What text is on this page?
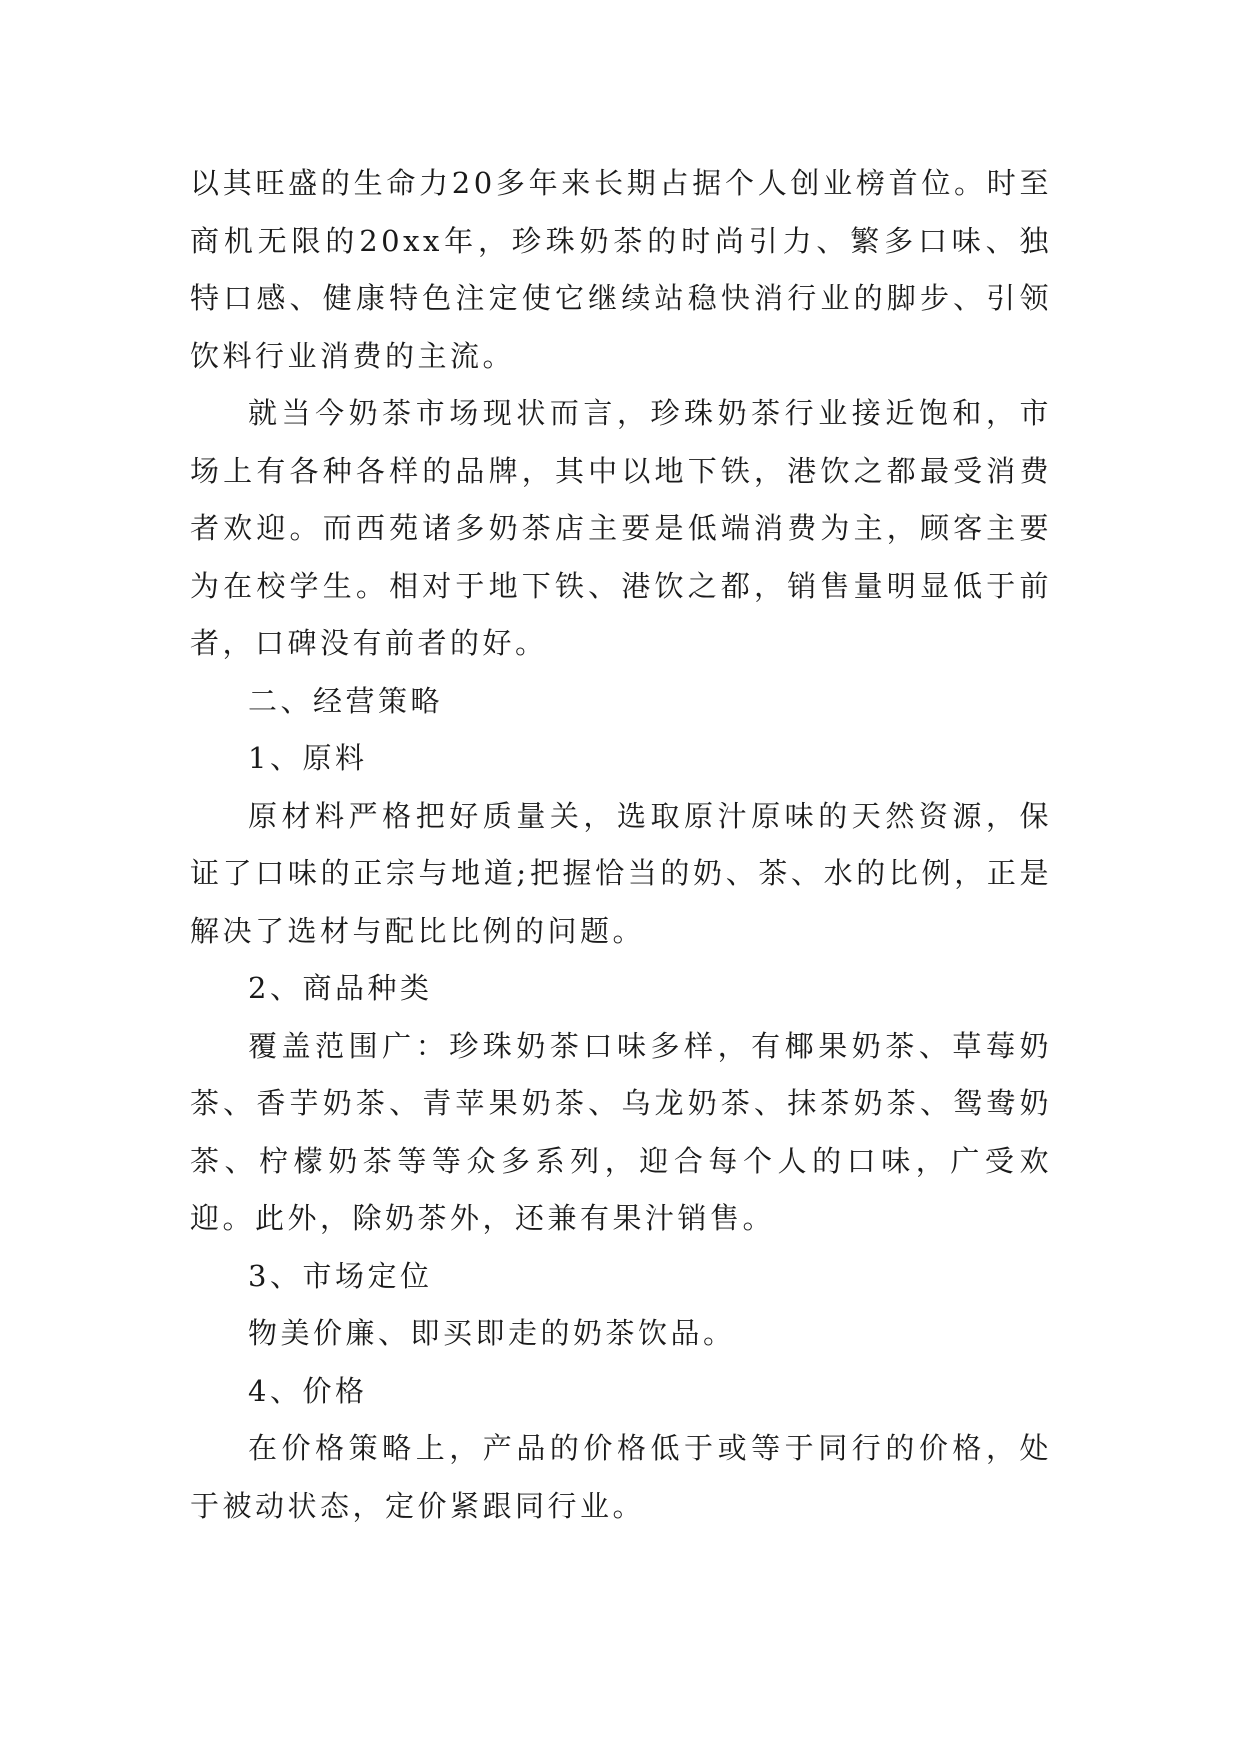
以其旺盛的生命力20多年来长期占据个人创业榜首位。时至商机无限的20xx年，珍珠奶茶的时尚引力、繁多口味、独特口感、健康特色注定使它继续站稳快消行业的脚步、引领饮料行业消费的主流。

就当今奶茶市场现状而言，珍珠奶茶行业接近饱和，市场上有各种各样的品牌，其中以地下铁，港饮之都最受消费者欢迎。而西苑诸多奶茶店主要是低端消费为主，顾客主要为在校学生。相对于地下铁、港饮之都，销售量明显低于前者，口碑没有前者的好。

二、经营策略

1、原料

原材料严格把好质量关，选取原汁原味的天然资源，保证了口味的正宗与地道;把握恰当的奶、茶、水的比例，正是解决了选材与配比比例的问题。

2、商品种类

覆盖范围广：珍珠奶茶口味多样，有椰果奶茶、草莓奶茶、香芋奶茶、青苹果奶茶、乌龙奶茶、抹茶奶茶、鸳鸯奶茶、柠檬奶茶等等众多系列，迎合每个人的口味，广受欢迎。此外，除奶茶外，还兼有果汁销售。

3、市场定位

物美价廉、即买即走的奶茶饮品。

4、价格

在价格策略上，产品的价格低于或等于同行的价格，处于被动状态，定价紧跟同行业。
